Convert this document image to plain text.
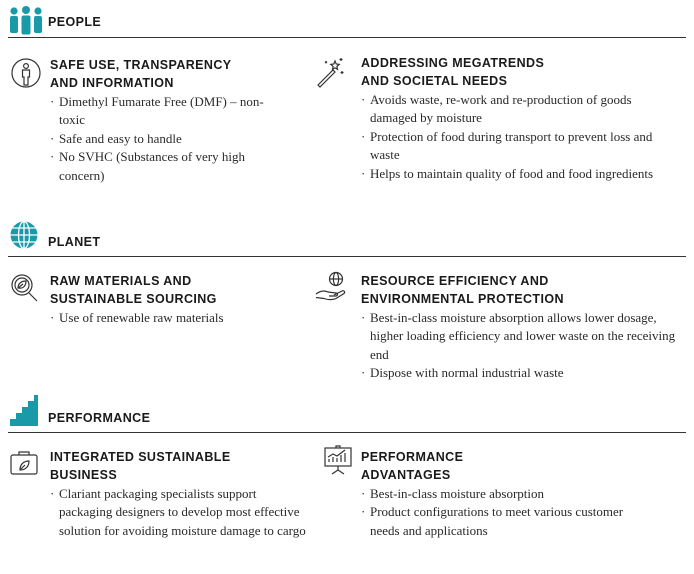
PEOPLE
SAFE USE, TRANSPARENCY
AND INFORMATION
· Dimethyl Fumarate Free (DMF) – non-toxic
· Safe and easy to handle
· No SVHC (Substances of very high concern)
ADDRESSING MEGATRENDS
AND SOCIETAL NEEDS
· Avoids waste, re-work and re-production of goods damaged by moisture
· Protection of food during transport to prevent loss and waste
· Helps to maintain quality of food and food ingredients
PLANET
RAW MATERIALS AND
SUSTAINABLE SOURCING
· Use of renewable raw materials
RESOURCE EFFICIENCY AND
ENVIRONMENTAL PROTECTION
· Best-in-class moisture absorption allows lower dosage, higher loading efficiency and lower waste on the receiving end
· Dispose with normal industrial waste
PERFORMANCE
INTEGRATED SUSTAINABLE
BUSINESS
· Clariant packaging specialists support packaging designers to develop most effective solution for avoiding moisture damage to cargo
PERFORMANCE
ADVANTAGES
· Best-in-class moisture absorption
· Product configurations to meet various customer needs and applications
